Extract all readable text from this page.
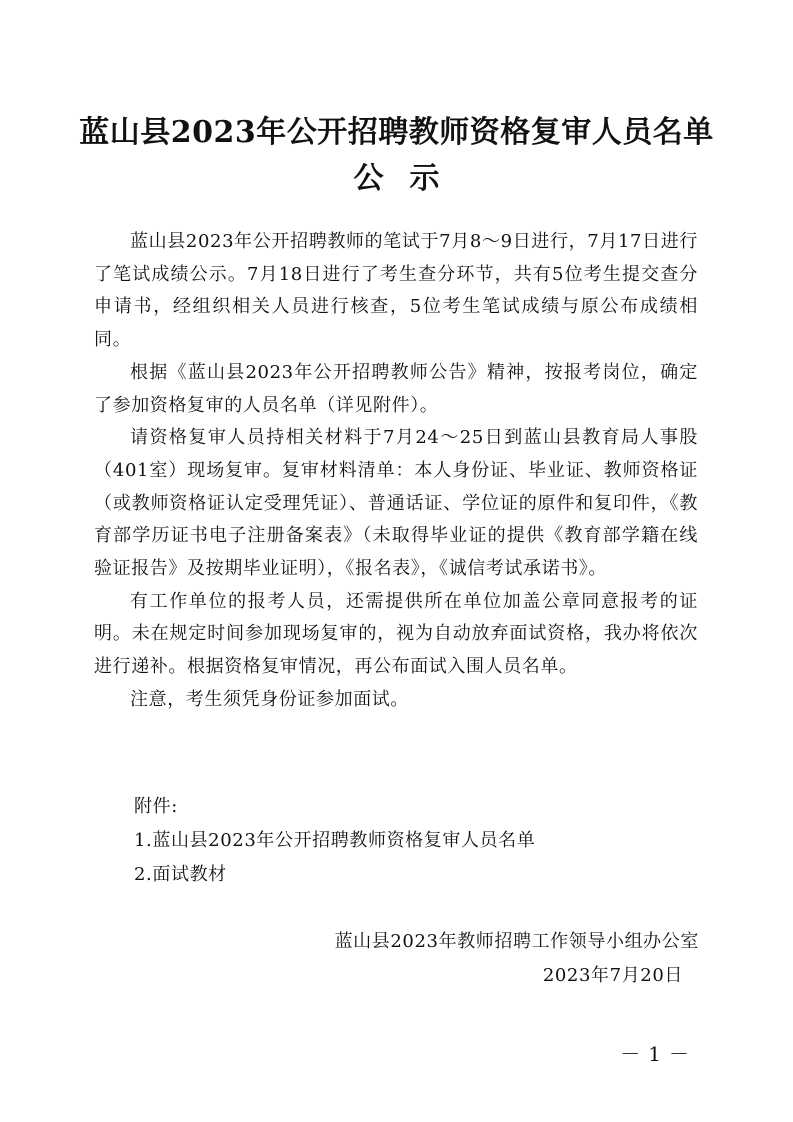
蓝山县2023年公开招聘教师资格复审人员名单
公示

蓝山县2023年公开招聘教师的笔试于7月8～9日进行，7月17日进行了笔试成绩公示。7月18日进行了考生查分环节，共有5位考生提交查分申请书，经组织相关人员进行核查，5位考生笔试成绩与原公布成绩相同。

根据《蓝山县2023年公开招聘教师公告》精神，按报考岗位，确定了参加资格复审的人员名单（详见附件）。

请资格复审人员持相关材料于7月24～25日到蓝山县教育局人事股（401室）现场复审。复审材料清单：本人身份证、毕业证、教师资格证（或教师资格证认定受理凭证）、普通话证、学位证的原件和复印件，《教育部学历证书电子注册备案表》（未取得毕业证的提供《教育部学籍在线验证报告》及按期毕业证明），《报名表》，《诚信考试承诺书》。

有工作单位的报考人员，还需提供所在单位加盖公章同意报考的证明。未在规定时间参加现场复审的，视为自动放弃面试资格，我办将依次进行递补。根据资格复审情况，再公布面试入围人员名单。

注意，考生须凭身份证参加面试。

附件:
1.蓝山县2023年公开招聘教师资格复审人员名单
2.面试教材
蓝山县2023年教师招聘工作领导小组办公室
2023年7月20日
－1－
